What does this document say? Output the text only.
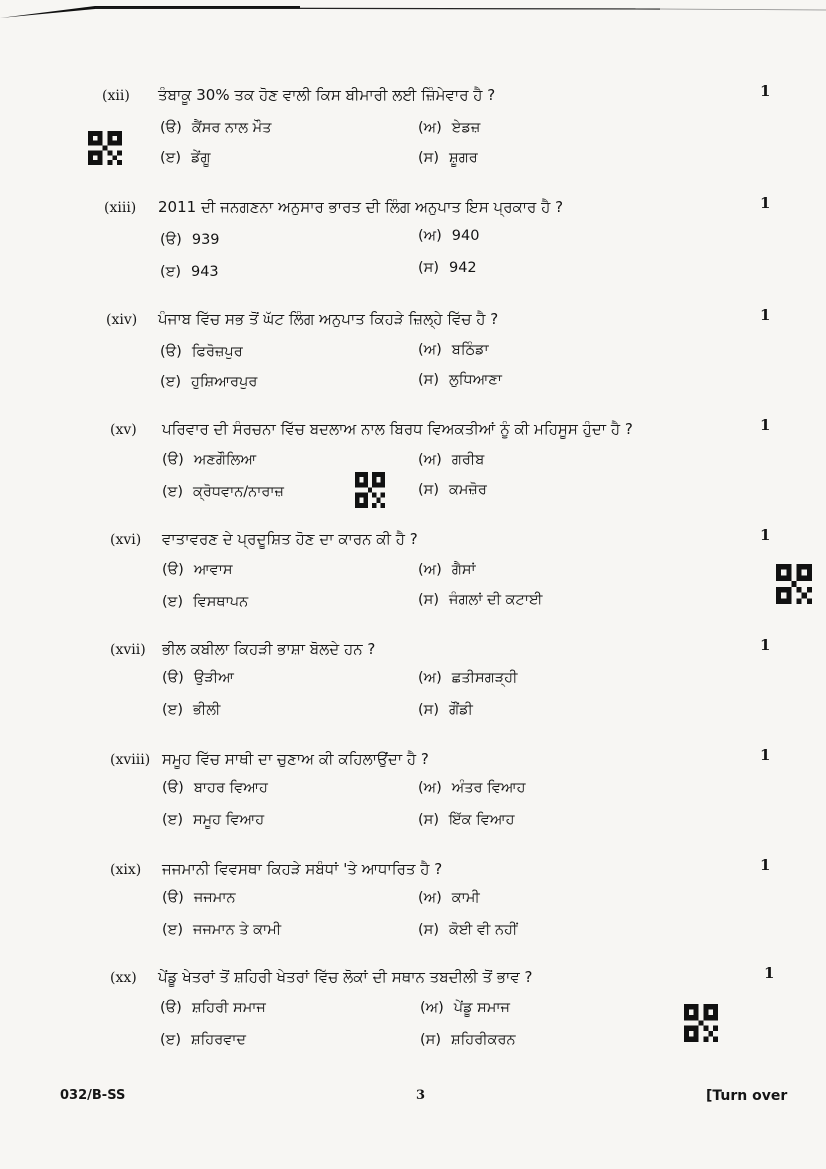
(xii) ਤੰਬਾਕੂ 30% ਤਕ ਹੋਣ ਵਾਲੀ ਕਿਸ ਬੀਮਾਰੀ ਲਈ ਜ਼ਿੰਮੇਵਾਰ ਹੈ ?	1
(ੳ) ਕੈਂਸਰ ਨਾਲ ਮੌਤ	(ਅ) ਏਡਜ਼
(ੲ) ਡੇਂਗੂ	(ਸ) ਸ਼ੂਗਰ
(xiii) 2011 ਦੀ ਜਨਗਣਨਾ ਅਨੁਸਾਰ ਭਾਰਤ ਦੀ ਲਿੰਗ ਅਨੁਪਾਤ ਇਸ ਪ੍ਰਕਾਰ ਹੈ ?	1
(ੳ) 939	(ਅ) 940
(ੲ) 943	(ਸ) 942
(xiv) ਪੰਜਾਬ ਵਿੱਚ ਸਭ ਤੋਂ ਘੱਟ ਲਿੰਗ ਅਨੁਪਾਤ ਕਿਹੜੇ ਜ਼ਿਲ੍ਹੇ ਵਿੱਚ ਹੈ ?	1
(ੳ) ਫਿਰੋਜ਼ਪੁਰ	(ਅ) ਬਠਿੰਡਾ
(ੲ) ਹੁਸ਼ਿਆਰਪੁਰ	(ਸ) ਲੁਧਿਆਣਾ
(xv) ਪਰਿਵਾਰ ਦੀ ਸੰਰਚਨਾ ਵਿੱਚ ਬਦਲਾਅ ਨਾਲ ਬਿਰਧ ਵਿਅਕਤੀਆਂ ਨੂੰ ਕੀ ਮਹਿਸੂਸ ਹੁੰਦਾ ਹੈ ?	1
(ੳ) ਅਣਗੌਲਿਆ	(ਅ) ਗਰੀਬ
(ੲ) ਕ੍ਰੋਧਵਾਨ/ਨਾਰਾਜ਼	(ਸ) ਕਮਜ਼ੋਰ
(xvi) ਵਾਤਾਵਰਣ ਦੇ ਪ੍ਰਦੂਸ਼ਿਤ ਹੋਣ ਦਾ ਕਾਰਨ ਕੀ ਹੈ ?	1
(ੳ) ਆਵਾਸ	(ਅ) ਗੈਸਾਂ
(ੲ) ਵਿਸਥਾਪਨ	(ਸ) ਜੰਗਲਾਂ ਦੀ ਕਟਾਈ
(xvii) ਭੀਲ ਕਬੀਲਾ ਕਿਹੜੀ ਭਾਸ਼ਾ ਬੋਲਦੇ ਹਨ ?	1
(ੳ) ਉੜੀਆ	(ਅ) ਛਤੀਸਗੜ੍ਹੀ
(ੲ) ਭੀਲੀ	(ਸ) ਗੌਂਡੀ
(xviii) ਸਮੂਹ ਵਿੱਚ ਸਾਥੀ ਦਾ ਚੁਣਾਅ ਕੀ ਕਹਿਲਾਉਂਦਾ ਹੈ ?	1
(ੳ) ਬਾਹਰ ਵਿਆਹ	(ਅ) ਅੰਤਰ ਵਿਆਹ
(ੲ) ਸਮੂਹ ਵਿਆਹ	(ਸ) ਇੱਕ ਵਿਆਹ
(xix) ਜਜਮਾਨੀ ਵਿਵਸਥਾ ਕਿਹੜੇ ਸਬੰਧਾਂ 'ਤੇ ਆਧਾਰਿਤ ਹੈ ?	1
(ੳ) ਜਜਮਾਨ	(ਅ) ਕਾਮੀ
(ੲ) ਜਜਮਾਨ ਤੇ ਕਾਮੀ	(ਸ) ਕੋਈ ਵੀ ਨਹੀਂ
(xx) ਪੇਂਡੂ ਖੇਤਰਾਂ ਤੋਂ ਸ਼ਹਿਰੀ ਖੇਤਰਾਂ ਵਿੱਚ ਲੋਕਾਂ ਦੀ ਸਥਾਨ ਤਬਦੀਲੀ ਤੋਂ ਭਾਵ ?	1
(ੳ) ਸ਼ਹਿਰੀ ਸਮਾਜ	(ਅ) ਪੇਂਡੂ ਸਮਾਜ
(ੲ) ਸ਼ਹਿਰਵਾਦ	(ਸ) ਸ਼ਹਿਰੀਕਰਨ
032/B-SS	3	[Turn over
